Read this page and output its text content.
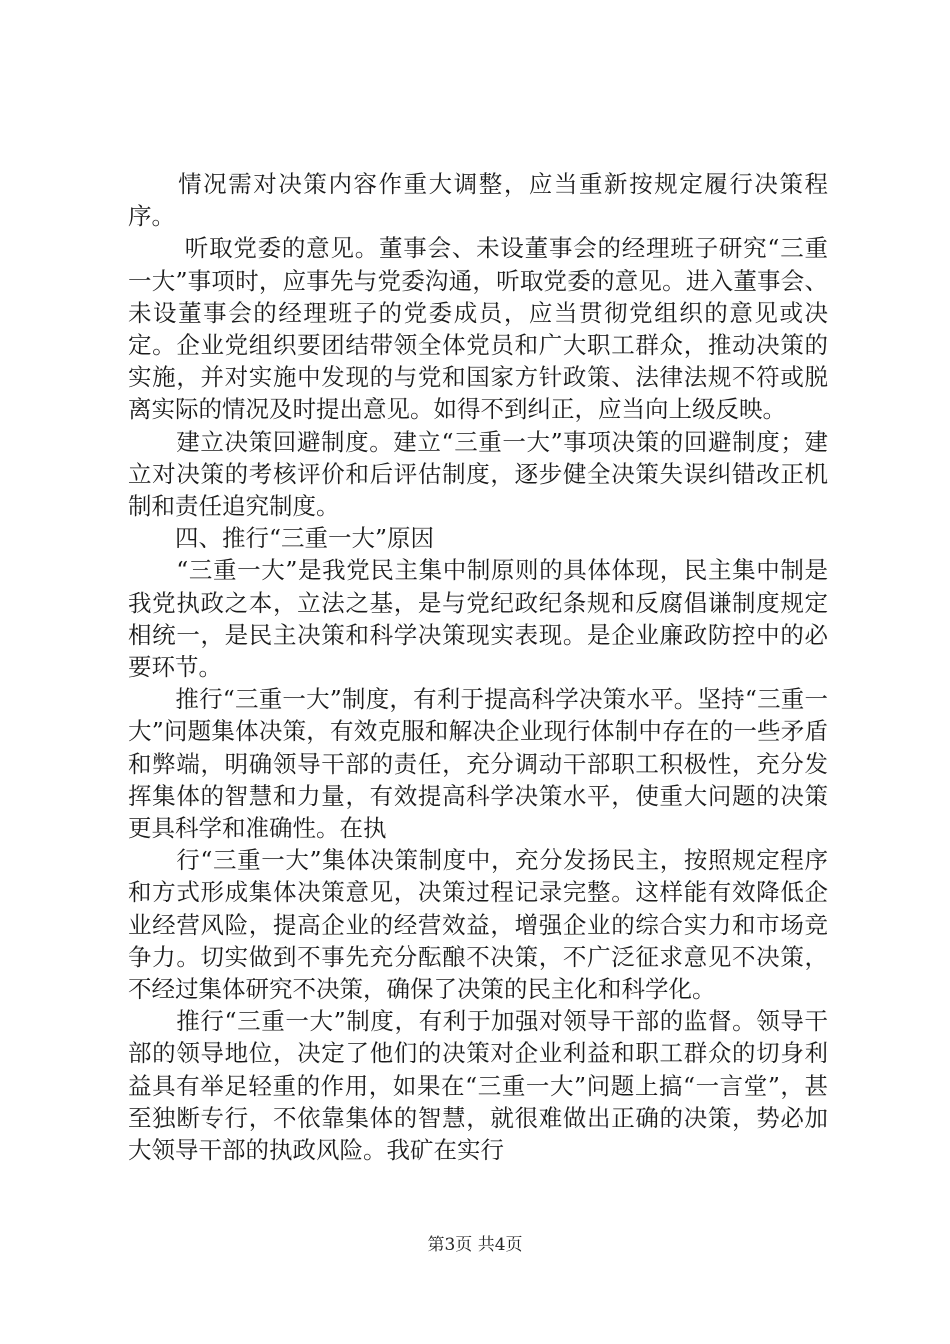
　　情况需对决策内容作重大调整，应当重新按规定履行决策程序。

　　 听取党委的意见。董事会、未设董事会的经理班子研究“三重一大”事项时，应事先与党委沟通，听取党委的意见。进入董事会、未设董事会的经理班子的党委成员，应当贯彻党组织的意见或决定。企业党组织要团结带领全体党员和广大职工群众，推动决策的实施，并对实施中发现的与党和国家方针政策、法律法规不符或脱离实际的情况及时提出意见。如得不到纠正，应当向上级反映。

　　建立决策回避制度。建立“三重一大”事项决策的回避制度；建立对决策的考核评价和后评估制度，逐步健全决策失误纠错改正机制和责任追究制度。

　　四、推行“三重一大”原因

　　“三重一大”是我党民主集中制原则的具体体现，民主集中制是我党执政之本，立法之基，是与党纪政纪条规和反腐倡谦制度规定相统一，是民主决策和科学决策现实表现。是企业廉政防控中的必要环节。

　　推行“三重一大”制度，有利于提高科学决策水平。坚持“三重一大”问题集体决策，有效克服和解决企业现行体制中存在的一些矛盾和弊端，明确领导干部的责任，充分调动干部职工积极性，充分发挥集体的智慧和力量，有效提高科学决策水平，使重大问题的决策更具科学和准确性。在执

　　行“三重一大”集体决策制度中，充分发扬民主，按照规定程序和方式形成集体决策意见，决策过程记录完整。这样能有效降低企业经营风险，提高企业的经营效益，增强企业的综合实力和市场竞争力。切实做到不事先充分酝酿不决策，不广泛征求意见不决策，不经过集体研究不决策，确保了决策的民主化和科学化。

　　推行“三重一大”制度，有利于加强对领导干部的监督。领导干部的领导地位，决定了他们的决策对企业利益和职工群众的切身利益具有举足轻重的作用，如果在“三重一大”问题上搞“一言堂”，甚至独断专行，不依靠集体的智慧，就很难做出正确的决策，势必加大领导干部的执政风险。我矿在实行

第3页 共4页
